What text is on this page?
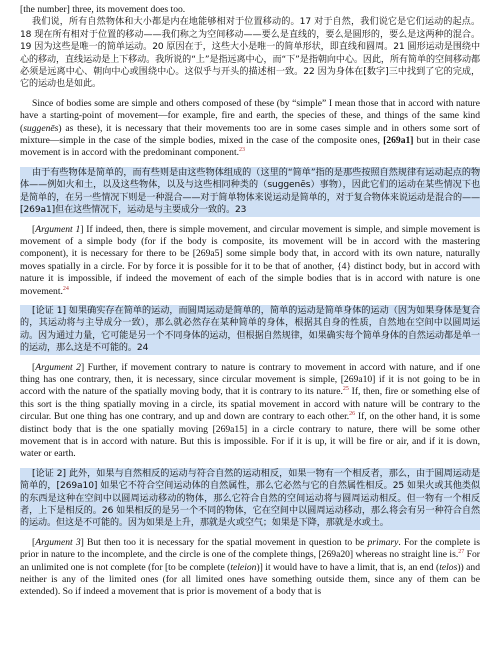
[the number] three, its movement does too.

我们说，所有自然物体和大小都是内在地能够相对于位置移动的。17 对于自然，我们说它是它们运动的起点。18 现在所有相对于位置的移动——我们称之为空间移动——要么是直线的，要么是圆形的，要么是这两种的混合。19 因为这些是唯一的简单运动。20 原因在于，这些大小是唯一的简单形状，即直线和圆周。21 圆形运动是围绕中心的移动，直线运动是上下移动。我所说的“上”是指远离中心，而“下”是指朝向中心。因此，所有简单的空间移动都必须是远离中心、朝向中心或围绕中心。这似乎与开头的描述相一致。22 因为身体在[数字]三中找到了它的完成，它的运动也是如此。

Since of bodies some are simple and others composed of these (by “simple” I mean those that in accord with nature have a starting-point of movement—for example, fire and earth, the species of these, and things of the same kind (suggenēs) as these), it is necessary that their movements too are in some cases simple and in others some sort of mixture—simple in the case of the simple bodies, mixed in the case of the composite ones, [269a1] but in their case movement is in accord with the predominant component.$^{23}$

由于有些物体是简单的，而有些则是由这些物体组成的（这里的“简单”指的是那些按照自然规律有运动起点的物体——例如火和土，以及这些物体，以及与这些相同种类的（suggenēs）事物），因此它们的运动在某些情况下也是简单的，在另一些情况下则是一种混合——对于简单物体来说运动是简单的，对于复合物体来说运动是混合的——[269a1]但在这些情况下，运动是与主要成分一致的。23

[Argument 1] If indeed, then, there is simple movement, and circular movement is simple, and simple movement is movement of a simple body (for if the body is composite, its movement will be in accord with the mastering component), it is necessary for there to be [269a5] some simple body that, in accord with its own nature, naturally moves spatially in a circle. For by force it is possible for it to be that of another, {4} distinct body, but in accord with nature it is impossible, if indeed the movement of each of the simple bodies that is in accord with nature is one movement.$^{24}$

[论证 1] 如果确实存在简单的运动，而圆周运动是简单的，简单的运动是简单身体的运动（因为如果身体是复合的，其运动将与主导成分一致），那么就必然存在某种简单的身体，根据其自身的性质，自然地在空间中以圆周运动。因为通过力量，它可能是另一个不同身体的运动，但根据自然规律，如果确实每个简单身体的自然运动都是单一的运动，那么这是不可能的。24

[Argument 2] Further, if movement contrary to nature is contrary to movement in accord with nature, and if one thing has one contrary, then, it is necessary, since circular movement is simple, [269a10] if it is not going to be in accord with the nature of the spatially moving body, that it is contrary to its nature.$^{25}$ If, then, fire or something else of this sort is the thing spatially moving in a circle, its spatial movement in accord with nature will be contrary to the circular. But one thing has one contrary, and up and down are contrary to each other.$^{26}$ If, on the other hand, it is some distinct body that is the one spatially moving [269a15] in a circle contrary to nature, there will be some other movement that is in accord with nature. But this is impossible. For if it is up, it will be fire or air, and if it is down, water or earth.

[论证 2] 此外，如果与自然相反的运动与符合自然的运动相反，如果一物有一个相反者，那么，由于圆周运动是简单的，[269a10] 如果它不符合空间运动体的自然属性，那么它必然与它的自然属性相反。25 如果火或其他类似的东西是这种在空间中以圆周运动移动的物体，那么它符合自然的空间运动将与圆周运动相反。但一物有一个相反者，上下是相反的。26 如果相反的是另一个不同的物体，它在空间中以圆周运动移动，那么将会有另一种符合自然的运动。但这是不可能的。因为如果是上升，那就是火或空气；如果是下降，那就是水或土。

[Argument 3] But then too it is necessary for the spatial movement in question to be primary. For the complete is prior in nature to the incomplete, and the circle is one of the complete things, [269a20] whereas no straight line is.$^{27}$ For an unlimited one is not complete (for [to be complete (teleion)] it would have to have a limit, that is, an end (telos)) and neither is any of the limited ones (for all limited ones have something outside them, since any of them can be extended). So if indeed a movement that is prior is movement of a body that is
